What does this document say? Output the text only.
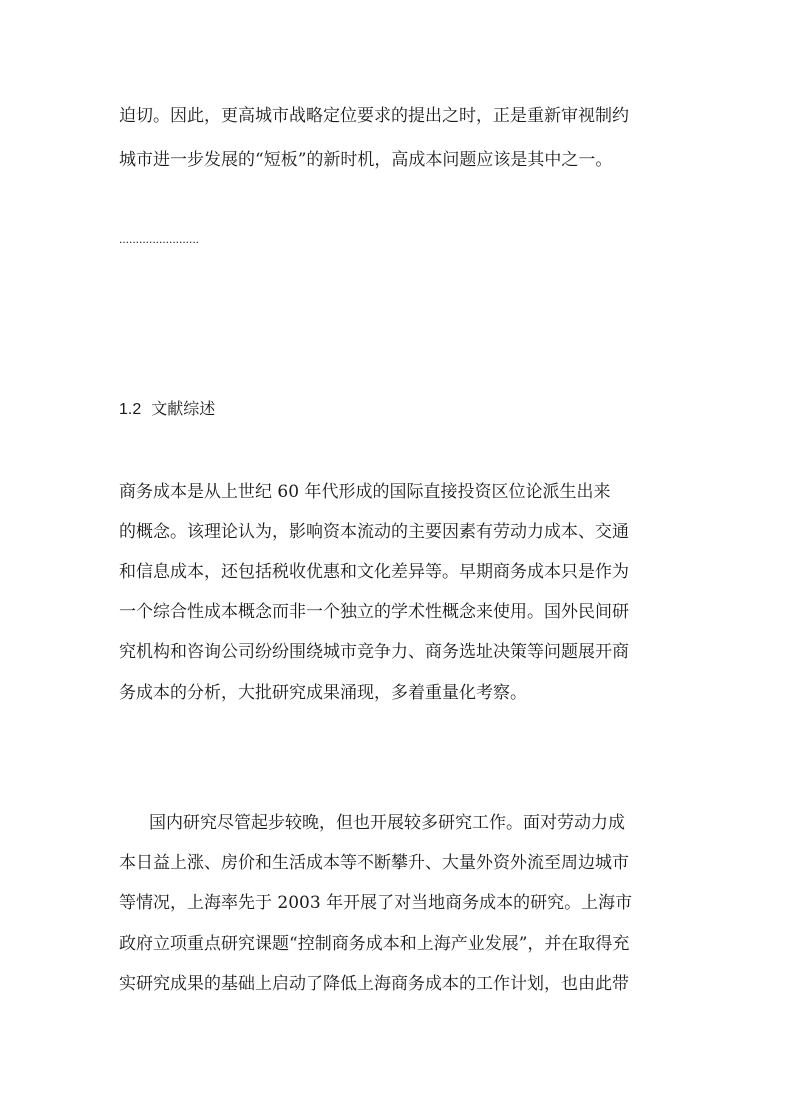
迫切。因此，更高城市战略定位要求的提出之时，正是重新审视制约
城市进一步发展的“短板”的新时机，高成本问题应该是其中之一。
........................
1.2 文献综述
商务成本是从上世纪 60 年代形成的国际直接投资区位论派生出来
的概念。该理论认为，影响资本流动的主要因素有劳动力成本、交通
和信息成本，还包括税收优惠和文化差异等。早期商务成本只是作为
一个综合性成本概念而非一个独立的学术性概念来使用。国外民间研
究机构和咨询公司纷纷围绕城市竞争力、商务选址决策等问题展开商
务成本的分析，大批研究成果涌现，多着重量化考察。
国内研究尽管起步较晚，但也开展较多研究工作。面对劳动力成
本日益上涨、房价和生活成本等不断攀升、大量外资外流至周边城市
等情况，上海率先于 2003 年开展了对当地商务成本的研究。上海市
政府立项重点研究课题“控制商务成本和上海产业发展”，并在取得充
实研究成果的基础上启动了降低上海商务成本的工作计划，也由此带
